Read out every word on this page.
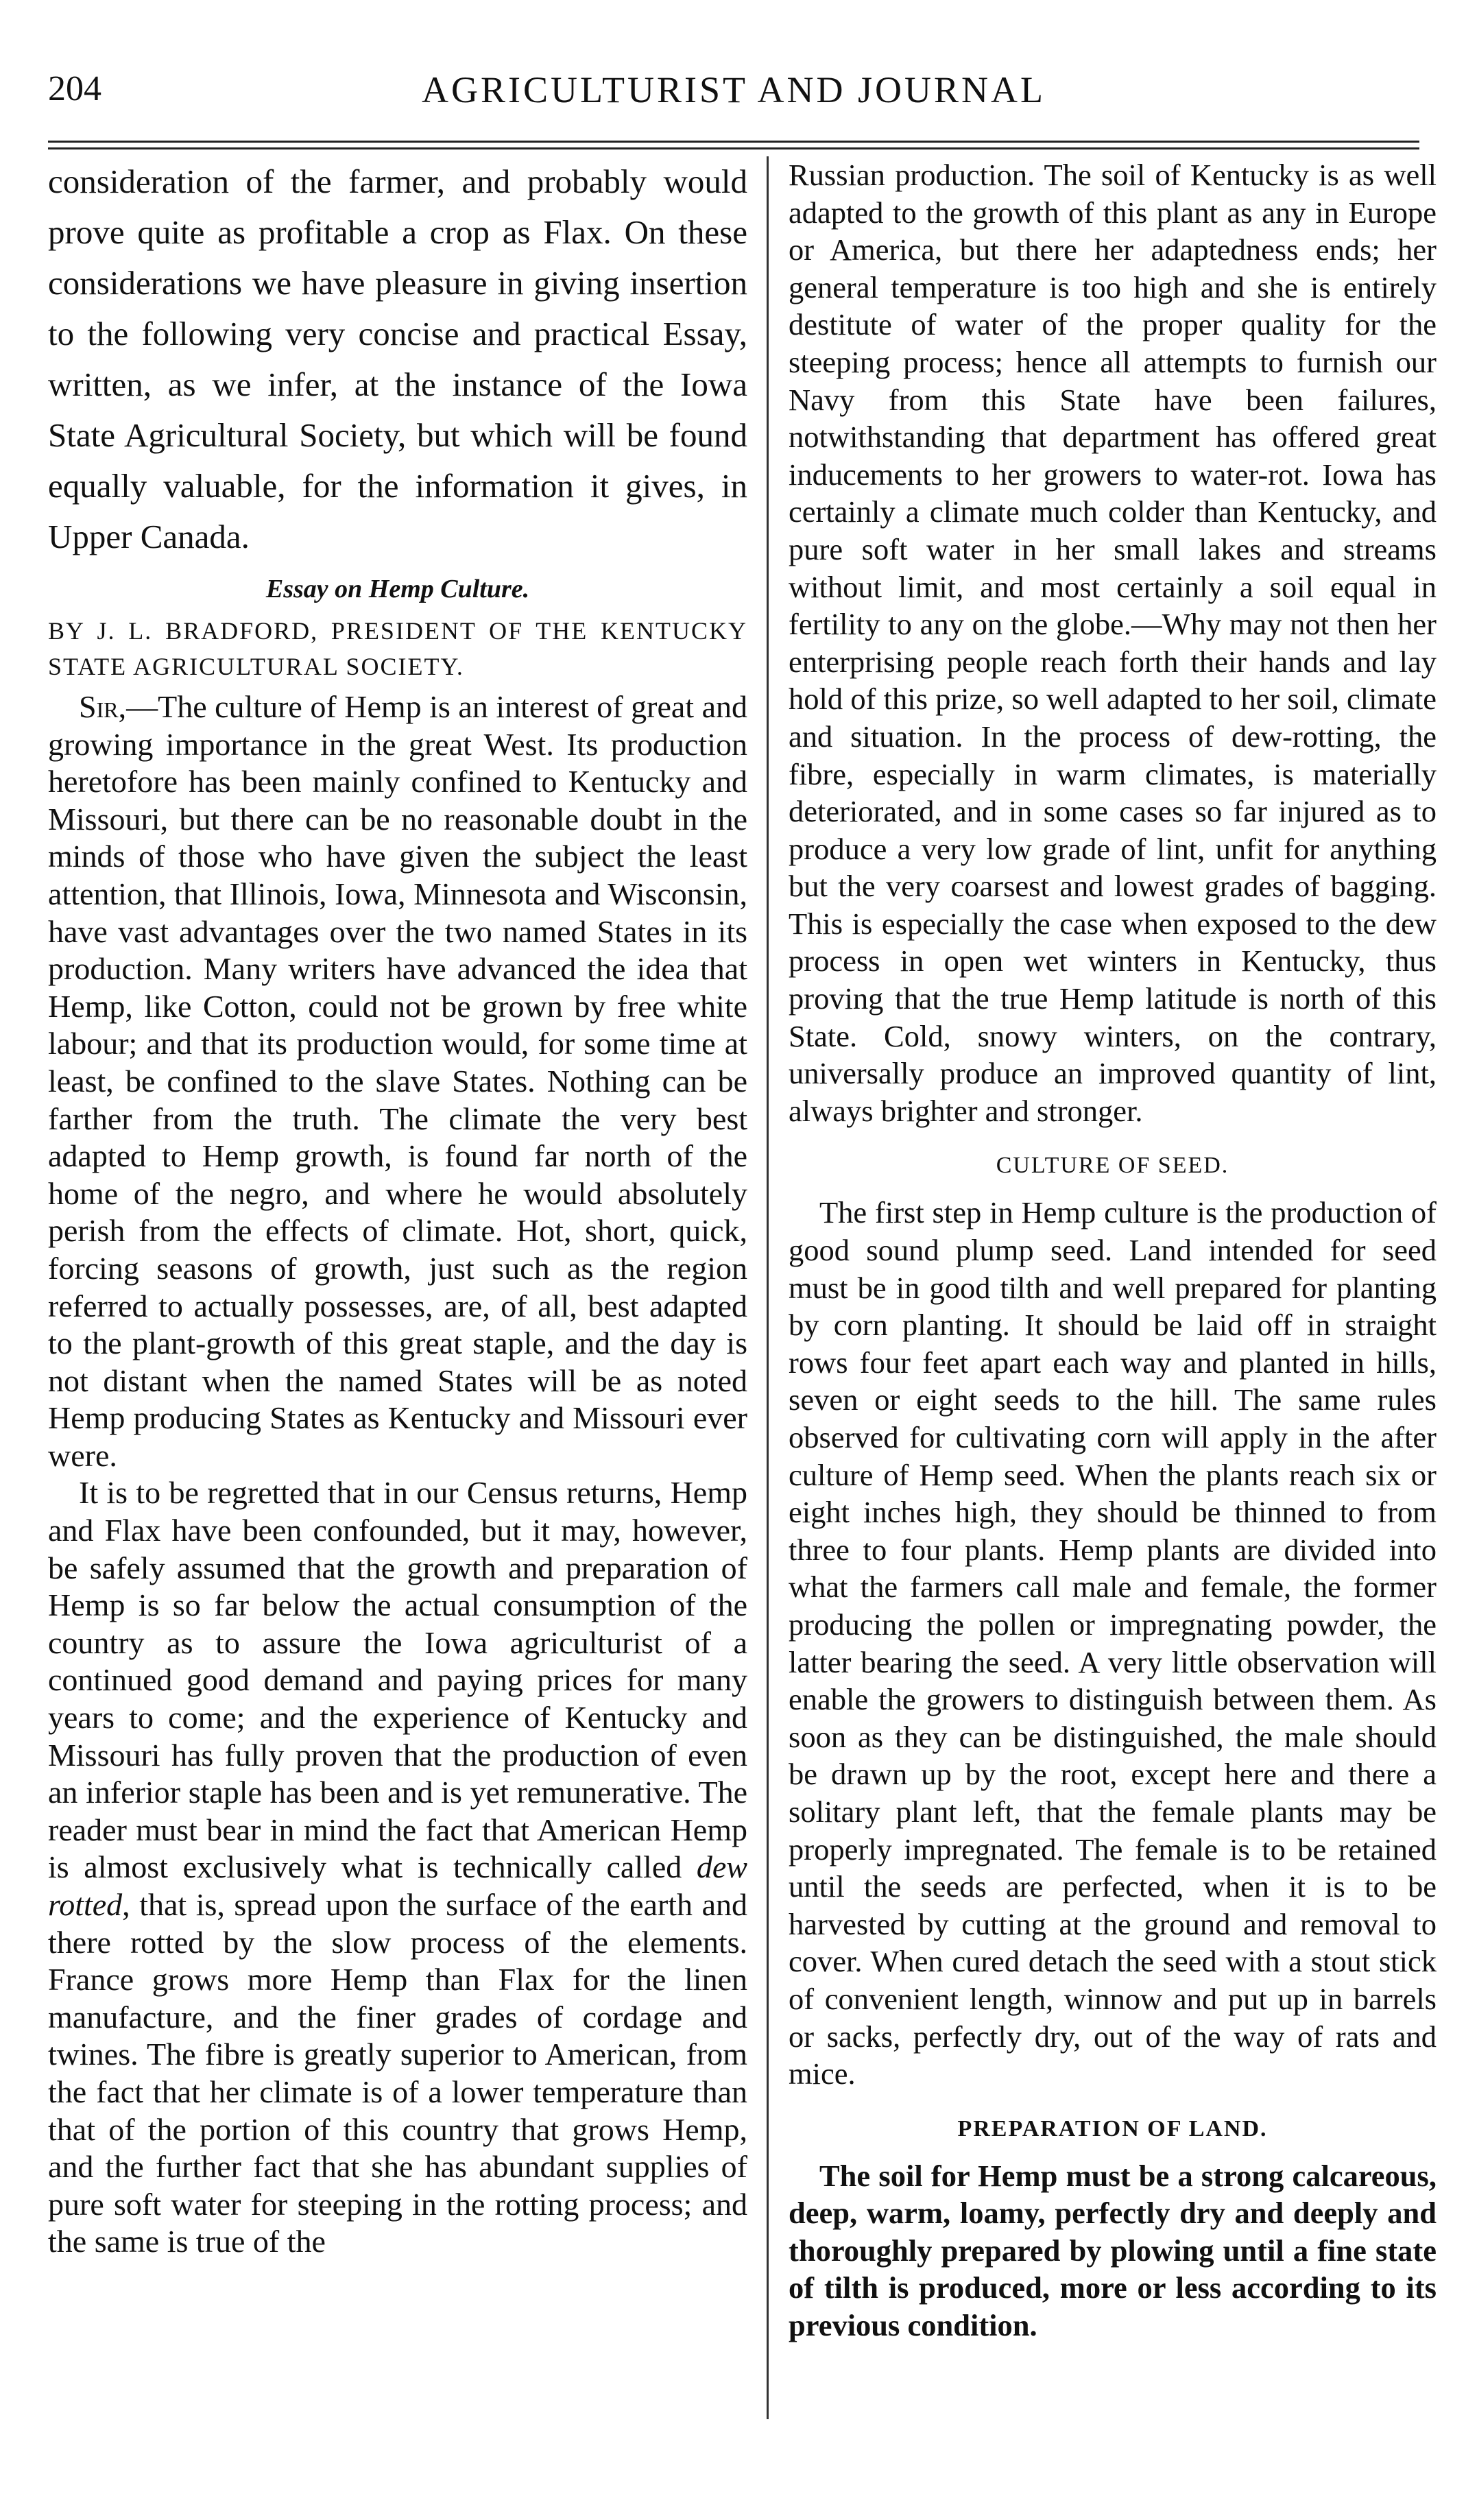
204	AGRICULTURIST AND JOURNAL

consideration of the farmer, and probably would prove quite as profitable a crop as Flax. On these considerations we have pleasure in giving insertion to the following very concise and practical Essay, written, as we infer, at the instance of the Iowa State Agricultural Society, but which will be found equally valuable, for the information it gives, in Upper Canada.

Essay on Hemp Culture.
BY J. L. BRADFORD, PRESIDENT OF THE KENTUCKY STATE AGRICULTURAL SOCIETY.

Sir,—The culture of Hemp is an interest of great and growing importance in the great West. Its production heretofore has been mainly confined to Kentucky and Missouri, but there can be no reasonable doubt in the minds of those who have given the subject the least attention, that Illinois, Iowa, Minnesota and Wisconsin, have vast advantages over the two named States in its production. Many writers have advanced the idea that Hemp, like Cotton, could not be grown by free white labour; and that its production would, for some time at least, be confined to the slave States. Nothing can be farther from the truth. The climate the very best adapted to Hemp growth, is found far north of the home of the negro, and where he would absolutely perish from the effects of climate. Hot, short, quick, forcing seasons of growth, just such as the region referred to actually possesses, are, of all, best adapted to the plant-growth of this great staple, and the day is not distant when the named States will be as noted Hemp producing States as Kentucky and Missouri ever were.

It is to be regretted that in our Census returns, Hemp and Flax have been confounded, but it may, however, be safely assumed that the growth and preparation of Hemp is so far below the actual consumption of the country as to assure the Iowa agriculturist of a continued good demand and paying prices for many years to come; and the experience of Kentucky and Missouri has fully proven that the production of even an inferior staple has been and is yet remunerative. The reader must bear in mind the fact that American Hemp is almost exclusively what is technically called dew rotted, that is, spread upon the surface of the earth and there rotted by the slow process of the elements. France grows more Hemp than Flax for the linen manufacture, and the finer grades of cordage and twines. The fibre is greatly superior to American, from the fact that her climate is of a lower temperature than that of the portion of this country that grows Hemp, and the further fact that she has abundant supplies of pure soft water for steeping in the rotting process; and the same is true of the

Russian production. The soil of Kentucky is as well adapted to the growth of this plant as any in Europe or America, but there her adaptedness ends; her general temperature is too high and she is entirely destitute of water of the proper quality for the steeping process; hence all attempts to furnish our Navy from this State have been failures, notwithstanding that department has offered great inducements to her growers to water-rot. Iowa has certainly a climate much colder than Kentucky, and pure soft water in her small lakes and streams without limit, and most certainly a soil equal in fertility to any on the globe.—Why may not then her enterprising people reach forth their hands and lay hold of this prize, so well adapted to her soil, climate and situation. In the process of dew-rotting, the fibre, especially in warm climates, is materially deteriorated, and in some cases so far injured as to produce a very low grade of lint, unfit for anything but the very coarsest and lowest grades of bagging. This is especially the case when exposed to the dew process in open wet winters in Kentucky, thus proving that the true Hemp latitude is north of this State. Cold, snowy winters, on the contrary, universally produce an improved quantity of lint, always brighter and stronger.

CULTURE OF SEED.

The first step in Hemp culture is the production of good sound plump seed. Land intended for seed must be in good tilth and well prepared for planting by corn planting. It should be laid off in straight rows four feet apart each way and planted in hills, seven or eight seeds to the hill. The same rules observed for cultivating corn will apply in the after culture of Hemp seed. When the plants reach six or eight inches high, they should be thinned to from three to four plants. Hemp plants are divided into what the farmers call male and female, the former producing the pollen or impregnating powder, the latter bearing the seed. A very little observation will enable the growers to distinguish between them. As soon as they can be distinguished, the male should be drawn up by the root, except here and there a solitary plant left, that the female plants may be properly impregnated. The female is to be retained until the seeds are perfected, when it is to be harvested by cutting at the ground and removal to cover. When cured detach the seed with a stout stick of convenient length, winnow and put up in barrels or sacks, perfectly dry, out of the way of rats and mice.

PREPARATION OF LAND.

The soil for Hemp must be a strong calcareous, deep, warm, loamy, perfectly dry and deeply and thoroughly prepared by plowing until a fine state of tilth is produced, more or less according to its previous condition.
